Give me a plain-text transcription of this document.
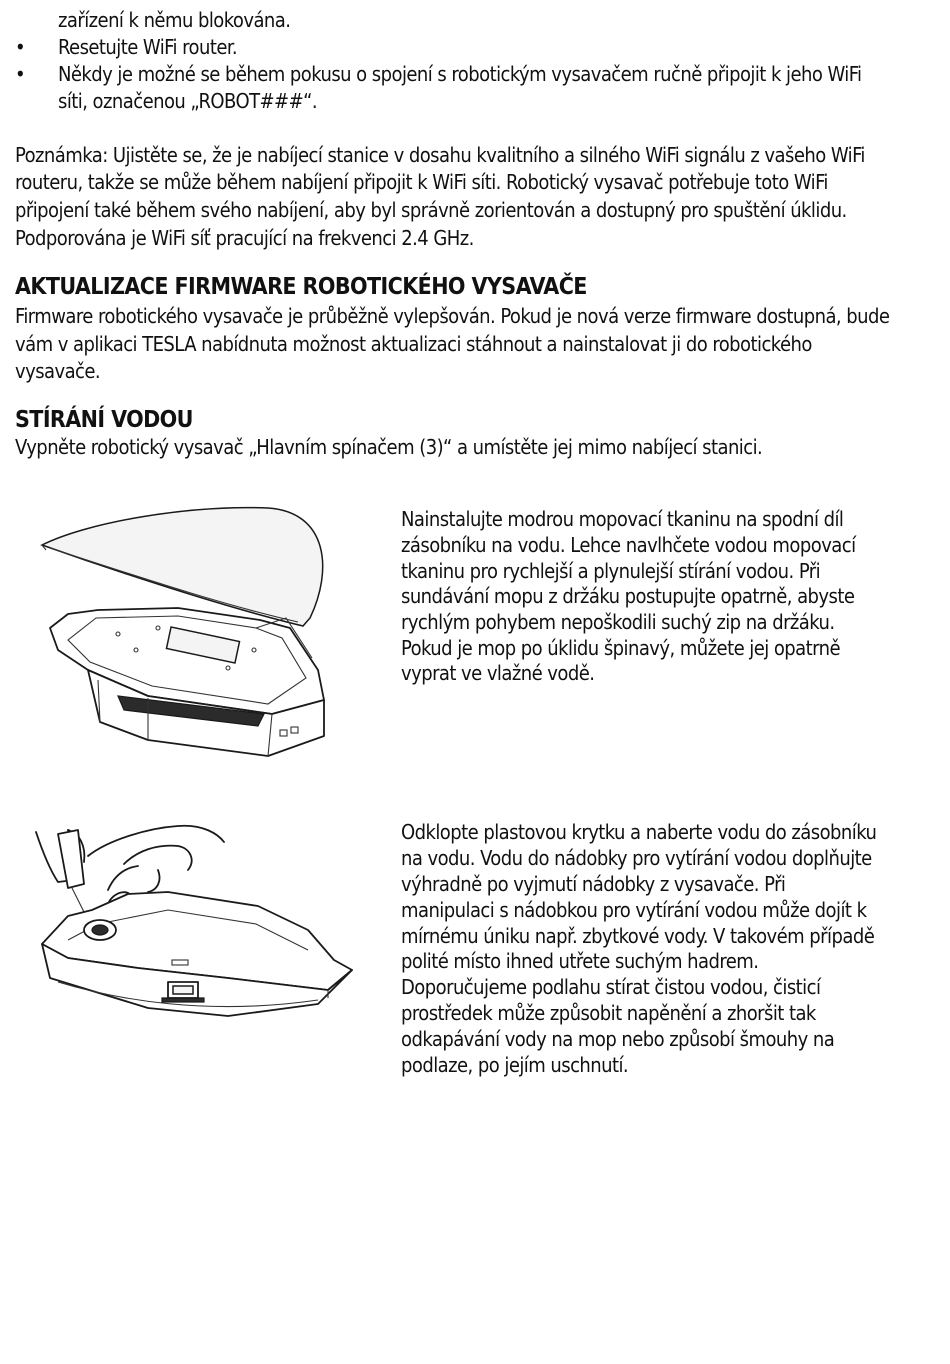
zařízení k němu blokována.
• Resetujte WiFi router.
• Někdy je možné se během pokusu o spojení s robotickým vysavačem ručně připojit k jeho WiFi
síti, označenou „ROBOT###“.
Poznámka: Ujistěte se, že je nabíjecí stanice v dosahu kvalitního a silného WiFi signálu z vašeho WiFi
routeru, takže se může během nabíjení připojit k WiFi síti. Robotický vysavač potřebuje toto WiFi
připojení také během svého nabíjení, aby byl správně zorientován a dostupný pro spuštění úklidu.
Podporována je WiFi síť pracující na frekvenci 2.4 GHz.
AKTUALIZACE FIRMWARE ROBOTICKÉHO VYSAVAČE
Firmware robotického vysavače je průběžně vylepšován. Pokud je nová verze firmware dostupná, bude
vám v aplikaci TESLA nabídnuta možnost aktualizaci stáhnout a nainstalovat ji do robotického
vysavače.
STÍRÁNÍ VODOU
Vypněte robotický vysavač „Hlavním spínačem (3)“ a umístěte jej mimo nabíjecí stanici.
Nainstalujte modrou mopovací tkaninu na spodní díl
zásobníku na vodu. Lehce navlhčete vodou mopovací
tkaninu pro rychlejší a plynulejší stírání vodou. Při
sundávání mopu z držáku postupujte opatrně, abyste
rychlým pohybem nepoškodili suchý zip na držáku.
Pokud je mop po úklidu špinavý, můžete jej opatrně
vyprat ve vlažné vodě.
Odklopte plastovou krytku a naberte vodu do zásobníku
na vodu. Vodu do nádobky pro vytírání vodou doplňujte
výhradně po vyjmutí nádobky z vysavače. Při
manipulaci s nádobkou pro vytírání vodou může dojít k
mírnému úniku např. zbytkové vody. V takovém případě
polité místo ihned utřete suchým hadrem.
Doporučujeme podlahu stírat čistou vodou, čisticí
prostředek může způsobit napěnění a zhoršit tak
odkapávání vody na mop nebo způsobí šmouhy na
podlaze, po jejím uschnutí.
